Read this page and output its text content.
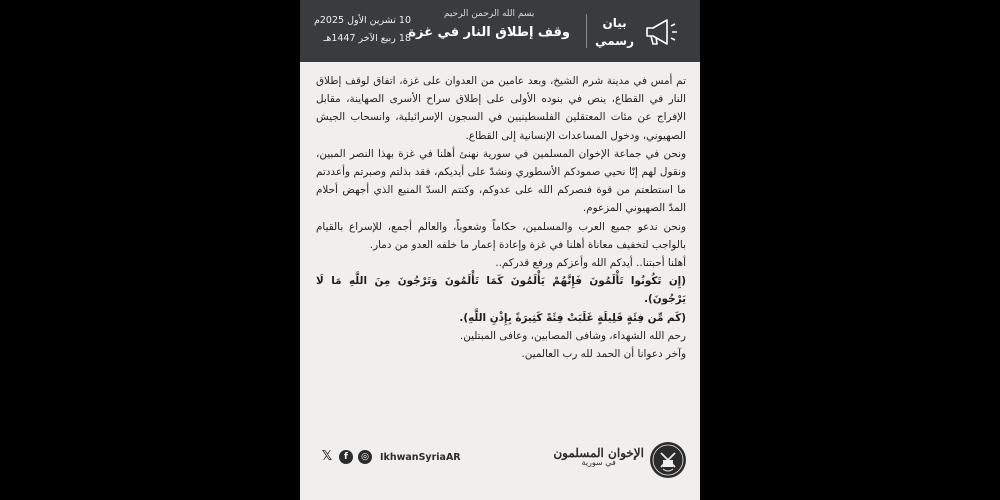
بيان
رسمي
بسم الله الرحمن الرحيم
وقف إطلاق النار في غزة
10 تشرين الأول 2025م
18 ربيع الآخر 1447هـ

تم أمس في مدينة شرم الشيخ، وبعد عامين من العدوان على غزة، اتفاق لوقف إطلاق النار في القطاع، ينص في بنوده الأولى على إطلاق سراح الأسرى الصهاينة، مقابل الإفراج عن مئات المعتقلين الفلسطينيين في السجون الإسرائيلية، وانسحاب الجيش الصهيوني، ودخول المساعدات الإنسانية إلى القطاع.

ونحن في جماعة الإخوان المسلمين في سورية نهنئ أهلنا في غزة بهذا النصر المبين، ونقول لهم إنّا نحيي صمودكم الأسطوري ونشدّ على أيديكم، فقد بذلتم وصبرتم وأعددتم ما استطعتم من قوة فنصركم الله على عدوكم، وكنتم السدّ المنيع الذي أجهض أحلام المدّ الصهيوني المزعوم.

ونحن ندعو جميع العرب والمسلمين، حكاماً وشعوباً، والعالم أجمع، للإسراع بالقيام بالواجب لتخفيف معاناة أهلنا في غزة وإعادة إعمار ما خلفه العدو من دمار.

أهلنا أحبتنا.. أيدكم الله وأعزكم ورفع قدركم..

(إِن تَكُونُوا تَأْلَمُونَ فَإِنَّهُمْ يَأْلَمُونَ كَمَا تَأْلَمُونَ وَتَرْجُونَ مِنَ اللَّهِ مَا لَا يَرْجُونَ).

(كَم مِّن فِئَةٍ قَلِيلَةٍ غَلَبَتْ فِئَةً كَثِيرَةً بِإِذْنِ اللَّهِ).

رحم الله الشهداء، وشافى المصابين، وعافى المبتلين.

وآخر دعوانا أن الحمد لله رب العالمين.

𝕏	f	◎	IkhwanSyriaAR	الإخوان المسلمون
في سورية
